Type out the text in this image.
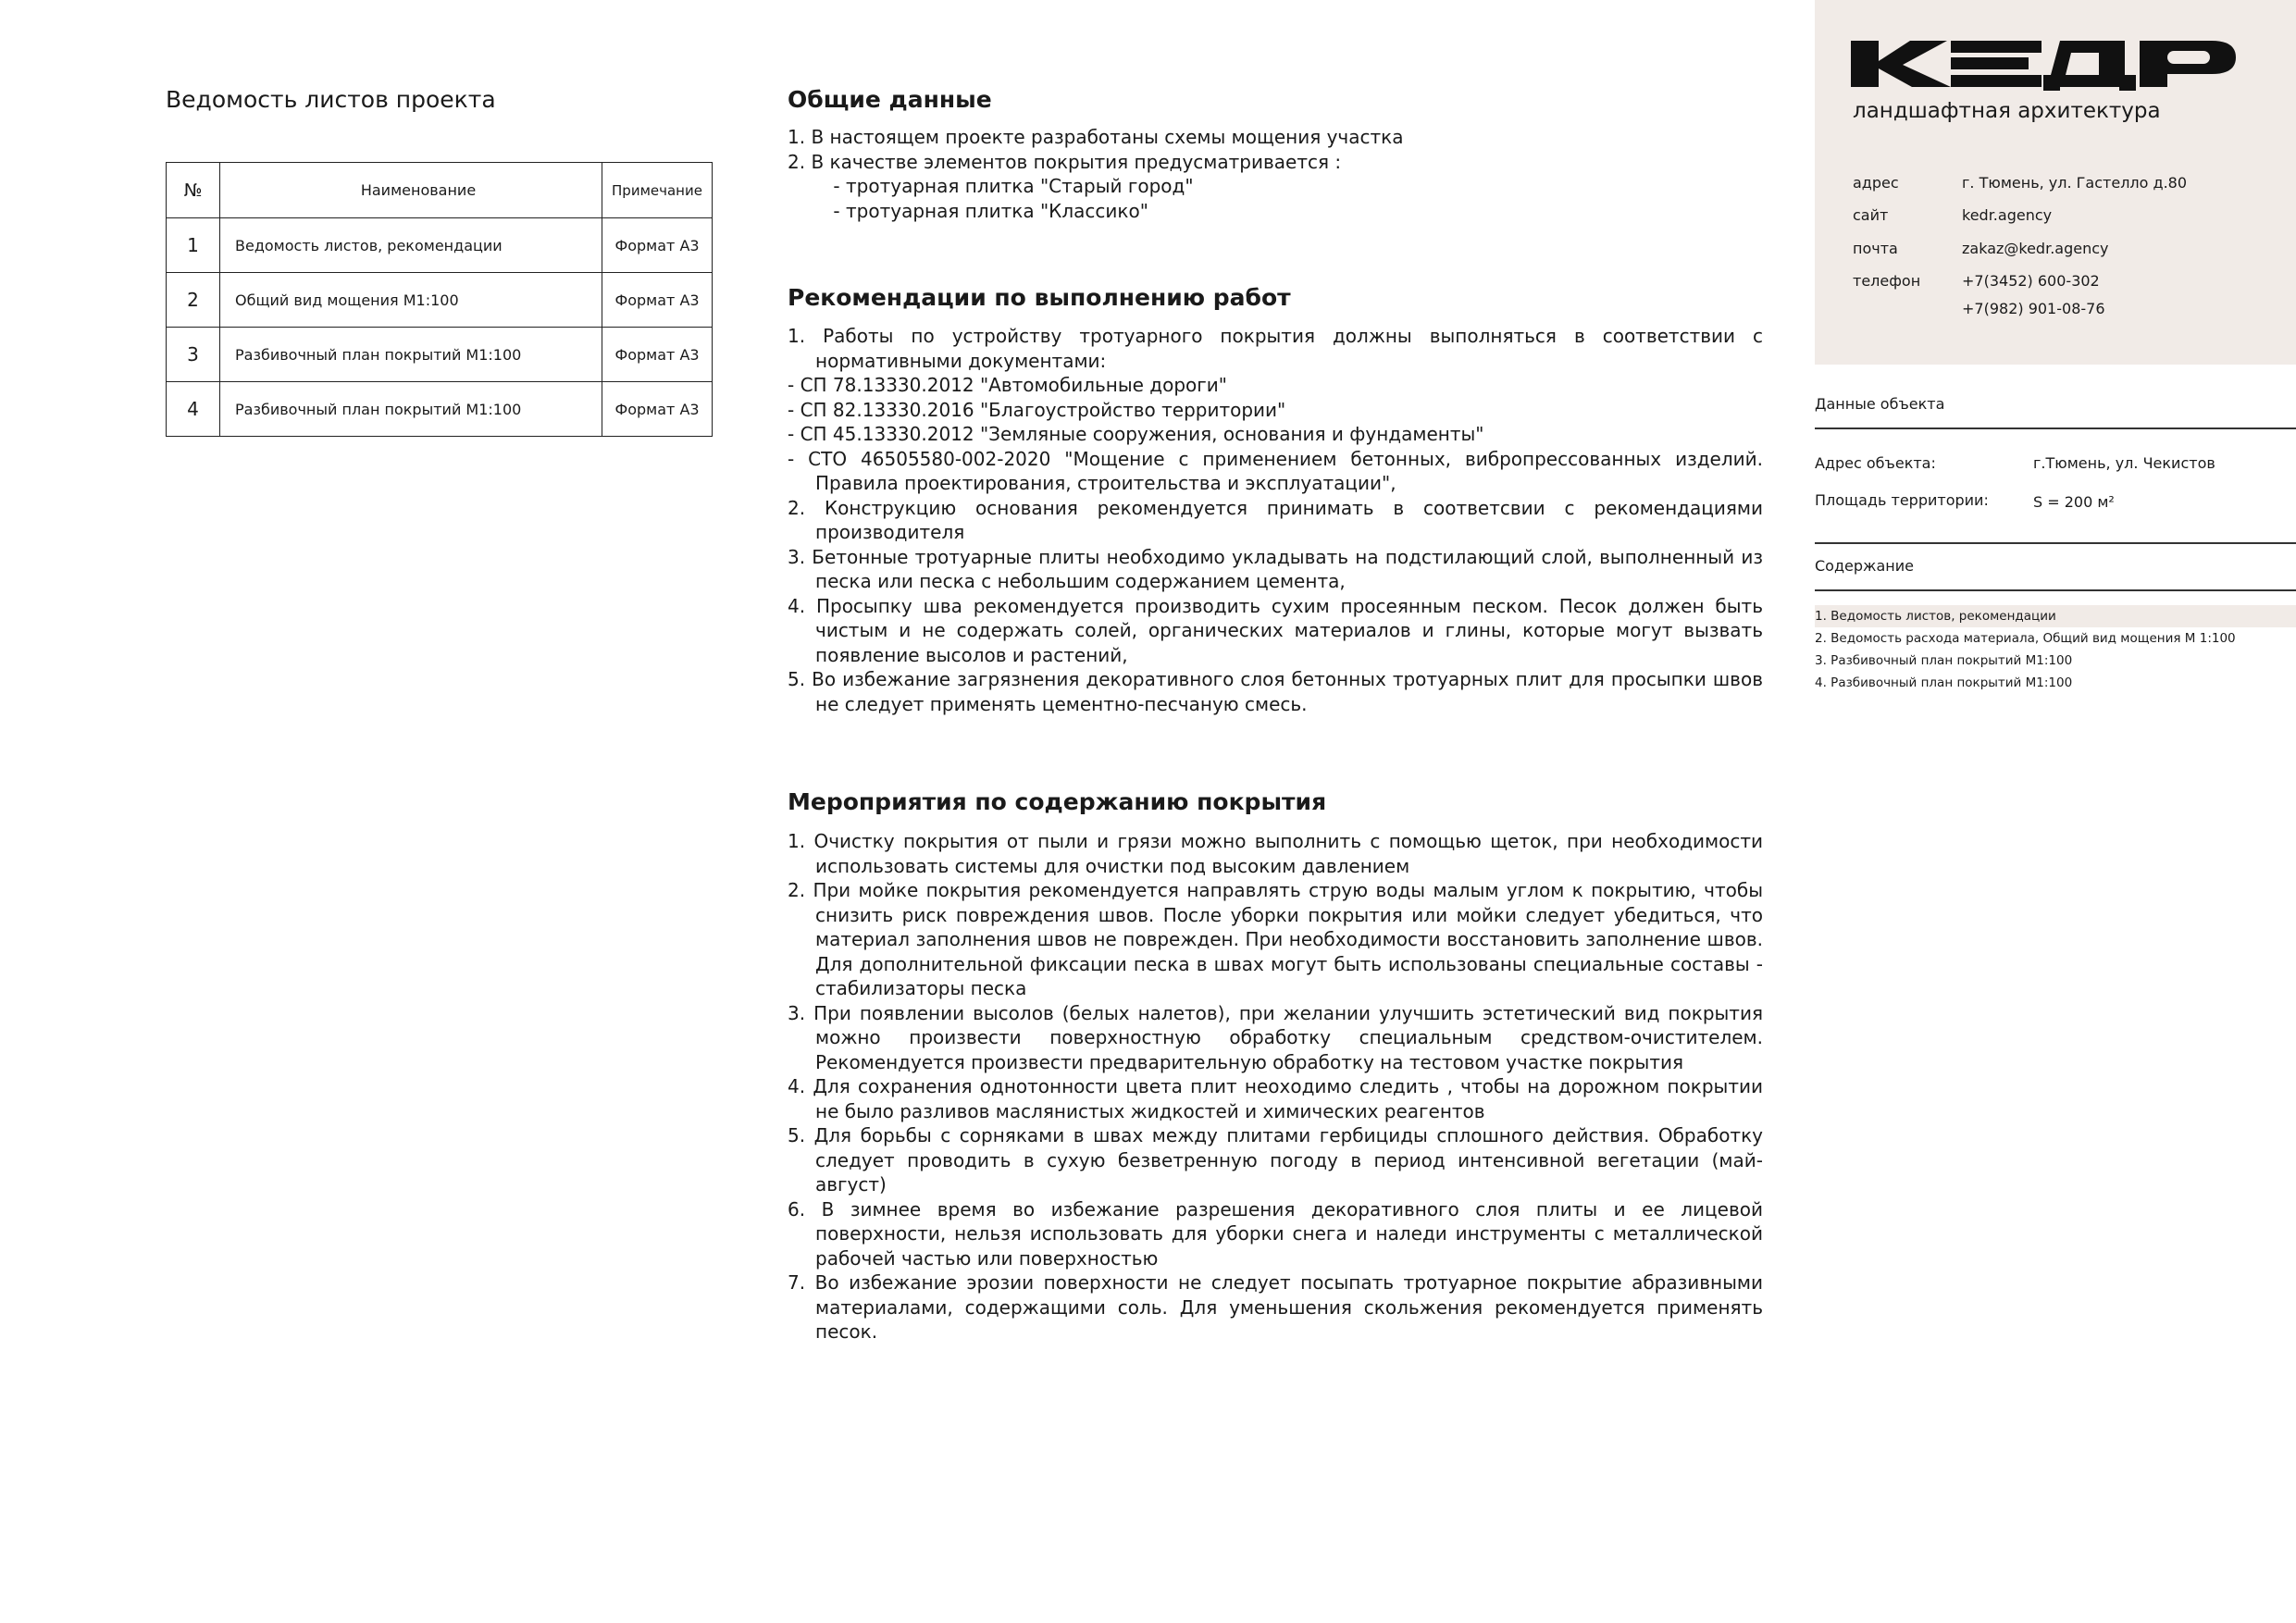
Ведомость листов проекта
№	Наименование	Примечание
1	Ведомость листов, рекомендации	Формат А3
2	Общий вид мощения М1:100	Формат А3
3	Разбивочный план покрытий М1:100	Формат А3
4	Разбивочный план покрытий М1:100	Формат А3
Общие данные
1. В настоящем проекте разработаны схемы мощения участка
2. В качестве элементов покрытия предусматривается :
- тротуарная плитка "Старый город"
- тротуарная плитка "Классико"
Рекомендации по выполнению работ
1. Работы по устройству тротуарного покрытия должны выполняться в соответствии с нормативными документами:
- СП 78.13330.2012 "Автомобильные дороги"
- СП 82.13330.2016 "Благоустройство территории"
- СП 45.13330.2012 "Земляные сооружения, основания и фундаменты"
- СТО 46505580-002-2020 "Мощение с применением бетонных, вибропрессованных изделий. Правила проектирования, строительства и эксплуатации",
2. Конструкцию основания рекомендуется принимать в соответсвии с рекомендациями производителя
3. Бетонные тротуарные плиты необходимо укладывать на подстилающий слой, выполненный из песка или песка с небольшим содержанием цемента,
4. Просыпку шва рекомендуется производить сухим просеянным песком. Песок должен быть чистым и не содержать солей, органических материалов и глины, которые могут вызвать появление высолов и растений,
5. Во избежание загрязнения декоративного слоя бетонных тротуарных плит для просыпки швов не следует применять цементно-песчаную смесь.
Мероприятия по содержанию покрытия
1. Очистку покрытия от пыли и грязи можно выполнить с помощью щеток, при необходимости использовать системы для очистки под высоким давлением
2. При мойке покрытия рекомендуется направлять струю воды малым углом к покрытию, чтобы снизить риск повреждения швов. После уборки покрытия или мойки следует убедиться, что материал заполнения швов не поврежден. При необходимости восстановить заполнение швов. Для дополнительной фиксации песка в швах могут быть использованы специальные составы - стабилизаторы песка
3. При появлении высолов (белых налетов), при желании улучшить эстетический вид покрытия можно произвести поверхностную обработку специальным средством-очистителем. Рекомендуется произвести предварительную обработку на тестовом участке покрытия
4. Для сохранения однотонности цвета плит неоходимо следить , чтобы на дорожном покрытии не было разливов маслянистых жидкостей и химических реагентов
5. Для борьбы с сорняками в швах между плитами гербициды сплошного действия. Обработку следует проводить в сухую безветренную погоду в период интенсивной вегетации (май-август)
6. В зимнее время во избежание разрешения декоративного слоя плиты и ее лицевой поверхности, нельзя использовать для уборки снега и наледи инструменты с металлической рабочей частью или поверхностью
7. Во избежание эрозии поверхности не следует посыпать тротуарное покрытие абразивными материалами, содержащими соль. Для уменьшения скольжения рекомендуется применять песок.
ландшафтная архитектура
адрес	г. Тюмень, ул. Гастелло д.80
сайт	kedr.agency
почта	zakaz@kedr.agency
телефон	+7(3452) 600-302
+7(982) 901-08-76
Данные объекта
Адрес объекта:	г.Тюмень, ул. Чекистов
Площадь территории:	S = 200 м²
Содержание
1. Ведомость листов, рекомендации
2. Ведомость расхода материала, Общий вид мощения М 1:100
3. Разбивочный план покрытий М1:100
4. Разбивочный план покрытий М1:100
